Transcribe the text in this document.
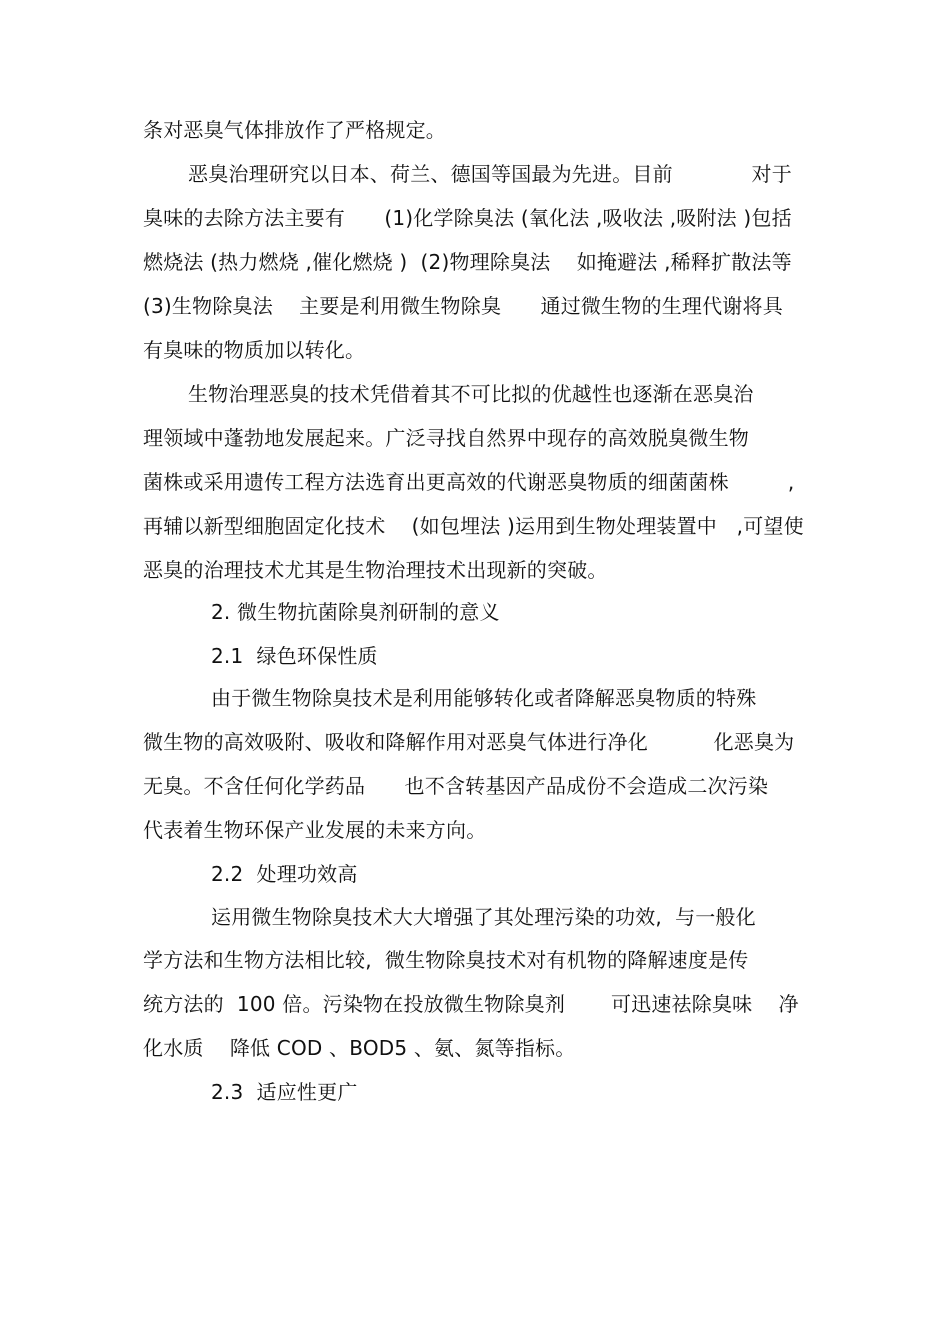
条对恶臭气体排放作了严格规定。
恶臭治理研究以日本、荷兰、德国等国最为先进。目前            对于
臭味的去除方法主要有      (1)化学除臭法 (氧化法 ,吸收法 ,吸附法 )包括
燃烧法 (热力燃烧 ,催化燃烧 )  (2)物理除臭法    如掩避法 ,稀释扩散法等
(3)生物除臭法    主要是利用微生物除臭      通过微生物的生理代谢将具
有臭味的物质加以转化。
生物治理恶臭的技术凭借着其不可比拟的优越性也逐渐在恶臭治
理领域中蓬勃地发展起来。广泛寻找自然界中现存的高效脱臭微生物
菌株或采用遗传工程方法选育出更高效的代谢恶臭物质的细菌菌株         ,
再辅以新型细胞固定化技术    (如包埋法 )运用到生物处理装置中   ,可望使
恶臭的治理技术尤其是生物治理技术出现新的突破。
2. 微生物抗菌除臭剂研制的意义
2.1  绿色环保性质
由于微生物除臭技术是利用能够转化或者降解恶臭物质的特殊
微生物的高效吸附、吸收和降解作用对恶臭气体进行净化          化恶臭为
无臭。不含任何化学药品      也不含转基因产品成份不会造成二次污染
代表着生物环保产业发展的未来方向。
2.2  处理功效高
运用微生物除臭技术大大增强了其处理污染的功效,  与一般化
学方法和生物方法相比较,  微生物除臭技术对有机物的降解速度是传
统方法的  100 倍。污染物在投放微生物除臭剂       可迅速祛除臭味    净
化水质    降低 COD 、BOD5 、氨、氮等指标。
2.3  适应性更广
